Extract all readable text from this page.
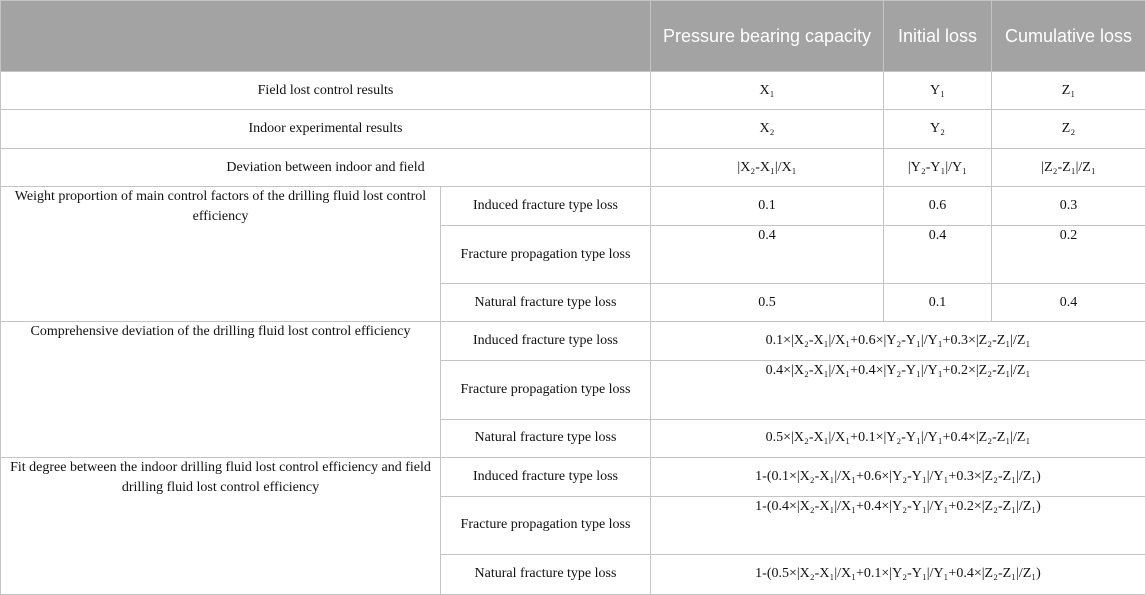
		Pressure bearing capacity	Initial loss	Cumulative loss
Field lost control results		X₁	Y₁	Z₁
Indoor experimental results		X₂	Y₂	Z₂
Deviation between indoor and field		|X₂-X₁|/X₁	|Y₂-Y₁|/Y₁	|Z₂-Z₁|/Z₁
Weight proportion of main control factors of the drilling fluid lost control efficiency	Induced fracture type loss	0.1	0.6	0.3
	Fracture propagation type loss	0.4	0.4	0.2
	Natural fracture type loss	0.5	0.1	0.4
Comprehensive deviation of the drilling fluid lost control efficiency	Induced fracture type loss	0.1×|X₂-X₁|/X₁+0.6×|Y₂-Y₁|/Y₁+0.3×|Z₂-Z₁|/Z₁		
	Fracture propagation type loss	0.4×|X₂-X₁|/X₁+0.4×|Y₂-Y₁|/Y₁+0.2×|Z₂-Z₁|/Z₁		
	Natural fracture type loss	0.5×|X₂-X₁|/X₁+0.1×|Y₂-Y₁|/Y₁+0.4×|Z₂-Z₁|/Z₁		
Fit degree between the indoor drilling fluid lost control efficiency and field drilling fluid lost control efficiency	Induced fracture type loss	1-(0.1×|X₂-X₁|/X₁+0.6×|Y₂-Y₁|/Y₁+0.3×|Z₂-Z₁|/Z₁)		
	Fracture propagation type loss	1-(0.4×|X₂-X₁|/X₁+0.4×|Y₂-Y₁|/Y₁+0.2×|Z₂-Z₁|/Z₁)		
	Natural fracture type loss	1-(0.5×|X₂-X₁|/X₁+0.1×|Y₂-Y₁|/Y₁+0.4×|Z₂-Z₁|/Z₁)		
